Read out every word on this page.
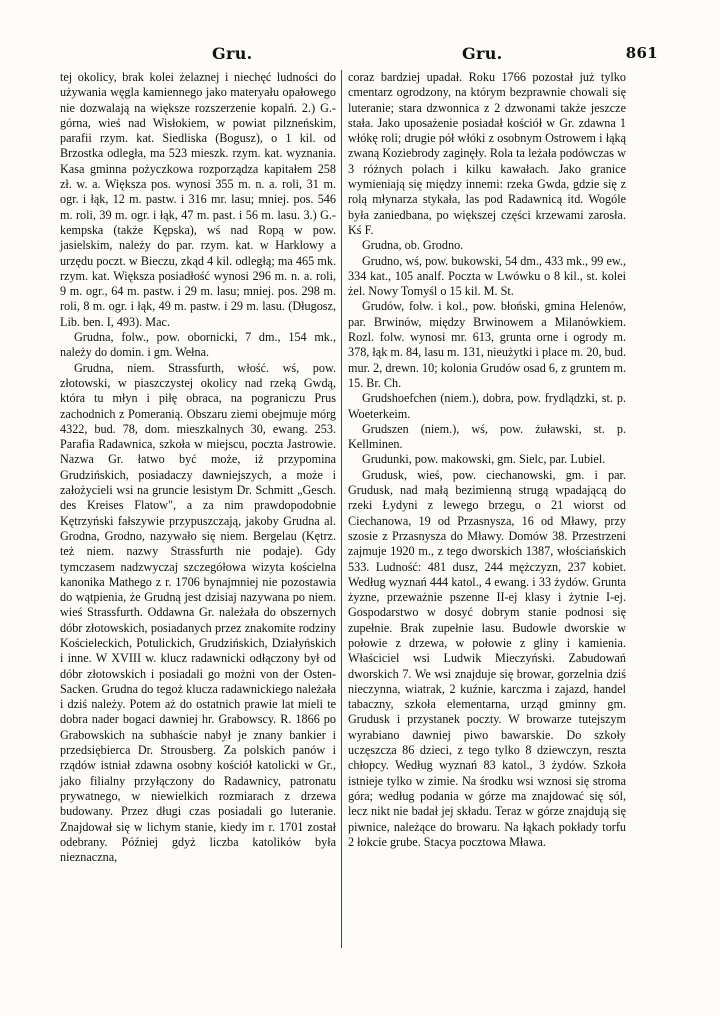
Gru.	Gru.	861

tej okolicy, brak kolei żelaznej i niechęć ludności do używania węgla kamiennego jako materyału opałowego nie dozwalają na większe rozszerzenie kopalń. 2.) G.-górna, wieś nad Wisłokiem, w powiat pilzneńskim, parafii rzym. kat. Siedliska (Bogusz), o 1 kil. od Brzostka odległa, ma 523 mieszk. rzym. kat. wyznania. Kasa gminna pożyczkowa rozporządza kapitałem 258 zł. w. a. Większa pos. wynosi 355 m. n. a. roli, 31 m. ogr. i łąk, 12 m. pastw. i 316 mr. lasu; mniej. pos. 546 m. roli, 39 m. ogr. i łąk, 47 m. past. i 56 m. lasu. 3.) G.-kempska (także Kępska), wś nad Ropą w pow. jasielskim, należy do par. rzym. kat. w Harklowy a urzędu poczt. w Bieczu, zkąd 4 kil. odległą; ma 465 mk. rzym. kat. Większa posiadłość wynosi 296 m. n. a. roli, 9 m. ogr., 64 m. pastw. i 29 m. lasu; mniej. pos. 298 m. roli, 8 m. ogr. i łąk, 49 m. pastw. i 29 m. lasu. (Długosz, Lib. ben. I, 493). Mac.

Grudna, folw., pow. obornicki, 7 dm., 154 mk., należy do domin. i gm. Wełna.

Grudna, niem. Strassfurth, włość. wś, pow. złotowski, w piaszczystej okolicy nad rzeką Gwdą, która tu młyn i piłę obraca, na pograniczu Prus zachodnich z Pomeranią. Obszaru ziemi obejmuje mórg 4322, bud. 78, dom. mieszkalnych 30, ewang. 253. Parafia Radawnica, szkoła w miejscu, poczta Jastrowie. Nazwa Gr. łatwo być może, iż przypomina Grudzińskich, posiadaczy dawniejszych, a może i założycieli wsi na gruncie lesistym Dr. Schmitt „Gesch. des Kreises Flatow", a za nim prawdopodobnie Kętrzyński fałszywie przypuszczają, jakoby Grudna al. Grodna, Grodno, nazywało się niem. Bergelau (Kętrz. też niem. nazwy Strassfurth nie podaje). Gdy tymczasem nadzwyczaj szczegółowa wizyta kościelna kanonika Mathego z r. 1706 bynajmniej nie pozostawia do wątpienia, że Grudną jest dzisiaj nazywana po niem. wieś Strassfurth. Oddawna Gr. należała do obszernych dóbr złotowskich, posiadanych przez znakomite rodziny Kościeleckich, Potulickich, Grudzińskich, Działyńskich i inne. W XVIII w. klucz radawnicki odłączony był od dóbr złotowskich i posiadali go możni von der Osten-Sacken. Grudna do tegoż klucza radawnickiego należała i dziś należy. Potem aż do ostatnich prawie lat mieli te dobra nader bogaci dawniej hr. Grabowscy. R. 1866 po Grabowskich na subhaście nabył je znany bankier i przedsiębierca Dr. Strousberg. Za polskich panów i rządów istniał zdawna osobny kościół katolicki w Gr., jako filialny przyłączony do Radawnicy, patronatu prywatnego, w niewielkich rozmiarach z drzewa budowany. Przez długi czas posiadali go luteranie. Znajdował się w lichym stanie, kiedy im r. 1701 został odebrany. Później gdyż liczba katolików była nieznaczna,

coraz bardziej upadał. Roku 1766 pozostał już tylko cmentarz ogrodzony, na którym bezprawnie chowali się luteranie; stara dzwonnica z 2 dzwonami także jeszcze stała. Jako uposażenie posiadał kościół w Gr. zdawna 1 włókę roli; drugie pół włóki z osobnym Ostrowem i łąką zwaną Koziebrody zaginęły. Rola ta leżała podówczas w 3 różnych polach i kilku kawałach. Jako granice wymieniają się między innemi: rzeka Gwda, gdzie się z rolą młynarza stykała, las pod Radawnicą itd. Wogóle była zaniedbana, po większej części krzewami zarosła. Kś F.

Grudna, ob. Grodno.

Grudno, wś, pow. bukowski, 54 dm., 433 mk., 99 ew., 334 kat., 105 analf. Poczta w Lwówku o 8 kil., st. kolei żel. Nowy Tomyśl o 15 kil. M. St.

Grudów, folw. i kol., pow. błoński, gmina Helenów, par. Brwinów, między Brwinowem a Milanówkiem. Rozl. folw. wynosi mr. 613, grunta orne i ogrody m. 378, łąk m. 84, lasu m. 131, nieużytki i place m. 20, bud. mur. 2, drewn. 10; kolonia Grudów osad 6, z gruntem m. 15. Br. Ch.

Grudshoefchen (niem.), dobra, pow. frydlądzki, st. p. Woeterkeim.

Grudszen (niem.), wś, pow. żuławski, st. p. Kellminen.

Grudunki, pow. makowski, gm. Sielc, par. Lubiel.

Grudusk, wieś, pow. ciechanowski, gm. i par. Grudusk, nad małą bezimienną strugą wpadającą do rzeki Łydyni z lewego brzegu, o 21 wiorst od Ciechanowa, 19 od Przasnysza, 16 od Mławy, przy szosie z Przasnysza do Mławy. Domów 38. Przestrzeni zajmuje 1920 m., z tego dworskich 1387, włościańskich 533. Ludność: 481 dusz, 244 mężczyzn, 237 kobiet. Według wyznań 444 katol., 4 ewang. i 33 żydów. Grunta żyzne, przeważnie pszenne II-ej klasy i żytnie I-ej. Gospodarstwo w dosyć dobrym stanie podnosi się zupełnie. Brak zupełnie lasu. Budowle dworskie w połowie z drzewa, w połowie z gliny i kamienia. Właściciel wsi Ludwik Mieczyński. Zabudowań dworskich 7. We wsi znajduje się browar, gorzelnia dziś nieczynna, wiatrak, 2 kuźnie, karczma i zajazd, handel tabaczny, szkoła elementarna, urząd gminny gm. Grudusk i przystanek poczty. W browarze tutejszym wyrabiano dawniej piwo bawarskie. Do szkoły uczęszcza 86 dzieci, z tego tylko 8 dziewczyn, reszta chłopcy. Według wyznań 83 katol., 3 żydów. Szkoła istnieje tylko w zimie. Na środku wsi wznosi się stroma góra; według podania w górze ma znajdować się sól, lecz nikt nie badał jej składu. Teraz w górze znajdują się piwnice, należące do browaru. Na łąkach pokłady torfu 2 łokcie grube. Stacya pocztowa Mława.
